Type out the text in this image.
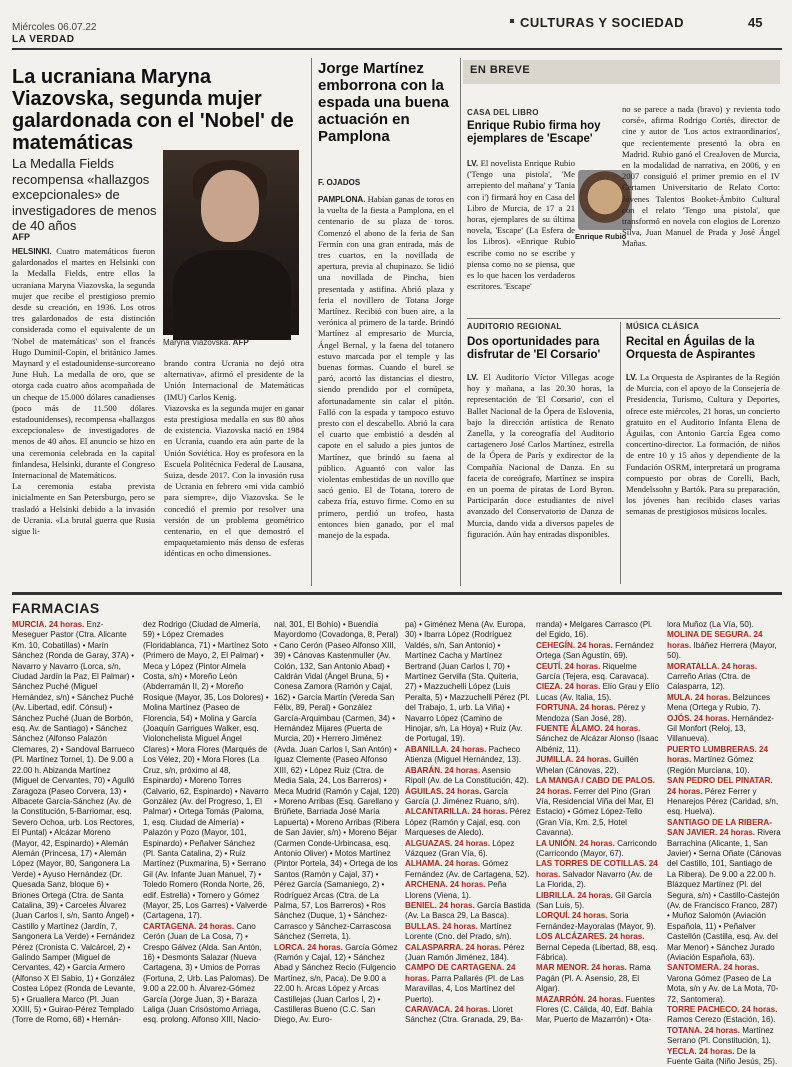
Miércoles 06.07.22
LA VERDAD
CULTURAS Y SOCIEDAD	45
La ucraniana Maryna Viazovska, segunda mujer galardonada con el 'Nobel' de matemáticas
La Medalla Fields recompensa «hallazgos excepcionales» de investigadores de menos de 40 años
AFP
Maryna Viazovska. AFP
HELSINKI. Cuatro matemáticos fueron galardonados el martes en Helsinki con la Medalla Fields, entre ellos la ucraniana Maryna Viazovska, la segunda mujer que recibe el prestigioso premio desde su creación, en 1936. Los otros tres galardonados de esta distinción considerada como el equivalente de un 'Nobel de matemáticas' son el francés Hugo Duminil-Copin, el británico James Maynard y el estadounidense-surcoreano June Huh. La medalla de oro, que se otorga cada cuatro años acompañada de un cheque de 15.000 dólares canadienses (poco más de 11.500 dólares estadounidenses), recompensa «hallazgos excepcionales» de investigadores de menos de 40 años. El anuncio se hizo en una ceremonia celebrada en la capital finlandesa, Helsinki, durante el Congreso Internacional de Matemáticos.
La ceremonia estaba prevista inicialmente en San Petersburgo, pero se trasladó a Helsinki debido a la invasión de Ucrania. «La brutal guerra que Rusia sigue li-
brando contra Ucrania no dejó otra alternativa», afirmó el presidente de la Unión Internacional de Matemáticas (IMU) Carlos Kenig.
Viazovska es la segunda mujer en ganar esta prestigiosa medalla en sus 80 años de existencia. Viazovska nació en 1984 en Ucrania, cuando era aún parte de la Unión Soviética. Hoy es profesora en la Escuela Politécnica Federal de Lausana, Suiza, desde 2017. Con la invasión rusa de Ucrania en febrero «mi vida cambió para siempre», dijo Viazovska. Se le concedió el premio por resolver una versión de un problema geométrico centenario, en el que demostró el empaquetamiento más denso de esferas idénticas en ocho dimensiones.
Jorge Martínez emborrona con la espada una buena actuación en Pamplona
F. OJADOS
PAMPLONA. Habían ganas de toros en la vuelta de la fiesta a Pamplona, en el centenario de su plaza de toros. Comenzó el abono de la feria de San Fermín con una gran entrada, más de tres cuartos, en la novillada de apertura, previa al chupinazo. Se lidió una novillada de Pincha, bien presentada y astifina. Abrió plaza y feria el novillero de Totana Jorge Martínez. Recibió con buen aire, a la verónica al primero de la tarde. Brindó Martínez al empresario de Murcia, Ángel Bernal, y la faena del totanero estuvo marcada por el temple y las buenas formas. Cuando el burel se paró, acortó las distancias el diestro, siendo prendido por el cornúpeta, afortunadamente sin calar el pitón. Falló con la espada y tampoco estuvo presto con el descabello. Abrió la cara el cuarto que embistió a desdén al capote en el saludo a pies juntos de Martínez, que brindó su faena al público. Aguantó con valor las violentas embestidas de un novillo que sacó genio. El de Totana, torero de cabeza fría, estuvo firme. Como en su primero, perdió un trofeo, hasta entonces bien ganado, por el mal manejo de la espada.
EN BREVE
CASA DEL LIBRO
Enrique Rubio firma hoy ejemplares de 'Escape'
LV. El novelista Enrique Rubio ('Tengo una pistola', 'Me arrepiento del mañana' y 'Tania con i') firmará hoy en Casa del Libro de Murcia, de 17 a 21 horas, ejemplares de su última novela, 'Escape' (La Esfera de los Libros). «Enrique Rubio escribe como no se escribe y piensa como no se piensa, que es lo que hacen los verdaderos escritores. 'Escape'
Enrique Rubio
no se parece a nada (bravo) y revienta todo corsé», afirma Rodrigo Cortés, director de cine y autor de 'Los actos extraordinarios', que recientemente presentó la obra en Madrid. Rubio ganó el CreaJoven de Murcia, en la modalidad de narrativa, en 2006, y en 2007 consiguió el primer premio en el IV Certamen Universitario de Relato Corto: Jóvenes Talentos Booket-Ámbito Cultural con el relato 'Tengo una pistola', que transformó en novela con elogios de Lorenzo Silva, Juan Manuel de Prada y José Ángel Mañas.
AUDITORIO REGIONAL
Dos oportunidades para disfrutar de 'El Corsario'
LV. El Auditorio Víctor Villegas acoge hoy y mañana, a las 20.30 horas, la representación de 'El Corsario', con el Ballet Nacional de la Ópera de Eslovenia, bajo la dirección artística de Renato Zanella, y la coreografía del Auditorio cartagenero José Carlos Martínez, estrella de la Ópera de París y exdirector de la Compañía Nacional de Danza. En su faceta de coreógrafo, Martínez se inspira en un poema de piratas de Lord Byron. Participarán doce estudiantes de nivel avanzado del Conservatorio de Danza de Murcia, dando vida a diversos papeles de figuración. Aún hay entradas disponibles.
MÚSICA CLÁSICA
Recital en Águilas de la Orquesta de Aspirantes
LV. La Orquesta de Aspirantes de la Región de Murcia, con el apoyo de la Consejería de Presidencia, Turismo, Cultura y Deportes, ofrece este miércoles, 21 horas, un concierto gratuito en el Auditorio Infanta Elena de Águilas, con Antonio García Egea como concertino-director. La formación, de niños de entre 10 y 15 años y dependiente de la Fundación OSRM, interpretará un programa compuesto por obras de Corelli, Bach, Mendelssohn y Bartók. Para su preparación, los jóvenes han recibido clases varias semanas de prestigiosos músicos locales.
FARMACIAS
MURCIA. 24 horas. Enz-Meseguer Pastor (Ctra. Alicante Km. 10, Cobatillas) • Marín Sánchez (Ronda de Garay, 37A) • Navarro y Navarro (Lorca, s/n, Ciudad Jardín la Paz, El Palmar) • Sánchez Puché (Miguel Hernández, s/n) • Sánchez Puché (Av. Libertad, edif. Cónsul) • Sánchez Puché (Juan de Borbón, esq. Av. de Santiago) • Sánchez Sánchez (Alfonso Palazón Clemares, 2) • Sandoval Barrueco (Pl. Martínez Tornel, 1). De 9.00 a 22.00 h. Abizanda Martínez (Miguel de Cervantes, 70) • Agulló Zaragoza (Paseo Corvera, 13) • Albacete García-Sánchez (Av. de la Constitución, 5-Barriomar, esq. Severo Ochoa, urb. Los Rectores, El Puntal) • Alcázar Moreno (Mayor, 42, Espinardo) • Alemán Alemán (Princesa, 17) • Alemán López (Mayor, 80, Sangonera La Verde) • Ayuso Hernández (Dr. Quesada Sanz, bloque 6) • Briones Ortega (Ctra. de Santa Catalina, 39) • Carceles Álvarez (Juan Carlos I, s/n, Santo Ángel) • Castillo y Martínez (Jardín, 7, Sangonera La Verde) • Fernández Pérez (Cronista C. Valcárcel, 2) • Galindo Samper (Miguel de Cervantes, 42) • García Armero (Alfonso X El Sabio, 1) • González Costea López (Ronda de Levante, 5) • Gruallera Marco (Pl. Juan XXIII, 5) • Guirao-Pérez Templado (Torre de Romo, 68) • Hernán-
dez Rodrigo (Ciudad de Almería, 59) • López Cremades (Floridablanca, 71) • Martínez Soto (Primero de Mayo, 2, El Palmar) • Meca y López (Pintor Almela Costa, s/n) • Moreño León (Abderramán II, 2) • Moreño Rosique (Mayor, 35, Los Dolores) • Molina Martínez (Paseo de Florencia, 54) • Molina y García (Joaquín Garrigues Walker, esq. Violonchelista Miguel Ángel Clares) • Mora Flores (Marqués de Los Vélez, 20) • Mora Flores (La Cruz, s/n, próximo al 48, Espinardo) • Moreno Torres (Calvario, 62, Espinardo) • Navarro González (Av. del Progreso, 1, El Palmar) • Ortega Tomás (Paloma, 1, esq. Ciudad de Almería) • Palazón y Pozo (Mayor, 101, Espinardo) • Peñalver Sánchez (Pl. Santa Catalina, 2) • Ruiz Martínez (Puxmarina, 5) • Serrano Gil (Av. Infante Juan Manuel, 7) • Toledo Romero (Ronda Norte, 26, edif. Estrella) • Tornero y Gómez (Mayor, 25, Los Garres) • Valverde (Cartagena, 17).
CARTAGENA. 24 horas. Cano Cerón (Juan de La Cosa, 7) • Crespo Gálvez (Alda. San Antón, 16) • Desmonts Salazar (Nueva Cartagena, 3) • Umios de Porras (Fortuna, 2, Urb. Las Palomas). De 9.00 a 22.00 h. Álvarez-Gómez García (Jorge Juan, 3) • Baraza Laliga (Juan Crisóstomo Arriaga, esq. prolong. Alfonso XIII, Nacio-
nal, 301, El Bohío) • Buendía Mayordomo (Covadonga, 8, Peral) • Cano Cerón (Paseo Alfonso XIII, 39) • Cánovas Kastenmuller (Av. Colón, 132, San Antonio Abad) • Caldrán Vidal (Ángel Bruna, 5) • Conesa Zamora (Ramón y Cajal, 162) • García Martín (Vereda San Félix, 89, Peral) • González García-Arquimbau (Carmen, 34) • Hernández Mijares (Puerta de Murcia, 20) • Herrero Jiménez (Avda. Juan Carlos I, San Antón) • Iguaz Clemente (Paseo Alfonso XIII, 62) • López Ruiz (Ctra. de Media Sala, 24, Los Barreros) • Meca Mudrid (Ramón y Cajal, 120) • Moreno Arribas (Esq. Garellano y Brúñete, Barriada José María Lapuerta) • Moreno Arribas (Ribera de San Javier, s/n) • Moreno Béjar (Carmen Conde-Urbincasa, esq. Antonio Oliver) • Motos Martínez (Pintor Portela, 34) • Ortega de los Santos (Ramón y Cajal, 37) • Pérez García (Samaniego, 2) • Rodríguez Arcas (Ctra. de La Palma, 57, Los Barreros) • Ros Sánchez (Duque, 1) • Sánchez-Carrasco y Sánchez-Carrascosa Sánchez (Serreta, 1).
LORCA. 24 horas. García Gómez (Ramón y Cajal, 12) • Sánchez Abad y Sánchez Recio (Fulgencio Martínez, s/n, Paca). De 9.00 a 22.00 h. Arcas López y Arcas Castillejas (Juan Carlos I, 2) • Castilleras Bueno (C.C. San Diego, Av. Euro-
pa) • Giménez Mena (Av. Europa, 30) • Ibarra López (Rodríguez Valdés, s/n, San Antonio) • Martínez Cacha y Martínez Bertrand (Juan Carlos I, 70) • Martínez Gervilla (Sta. Quiteria, 27) • Mazzuchelli López (Luis Peralta, 5) • Mazzuchelli Pérez (Pl. del Trabajo, 1, urb. La Viña) • Navarro López (Camino de Hinojar, s/n, La Hoya) • Ruiz (Av. de Portugal, 19).
ABANILLA. 24 horas. Pacheco Atienza (Miguel Hernández, 13).
ABARÁN. 24 horas. Asensio Ripoll (Av. de La Constitución, 42).
ÁGUILAS. 24 horas. García García (J. Jiménez Ruano, s/n).
ALCANTARILLA. 24 horas. Pérez López (Ramón y Cajal, esq. con Marqueses de Aledo).
ALGUAZAS. 24 horas. López Vázquez (Gran Vía, 6).
ALHAMA. 24 horas. Gómez Fernández (Av. de Cartagena, 52).
ARCHENA. 24 horas. Peña Llorens (Viena, 1).
BENIEL. 24 horas. García Bastida (Av. La Basca 29, La Basca).
BULLAS. 24 horas. Martínez Lorente (Cno. del Prado, s/n).
CALASPARRA. 24 horas. Pérez (Juan Ramón Jiménez, 184).
CAMPO DE CARTAGENA. 24 horas. Parra Pallarés (Pl. de Las Maravillas, 4, Los Martínez del Puerto).
CARAVACA. 24 horas. Lloret Sánchez (Ctra. Granada, 29, Ba-
rranda) • Melgares Carrasco (Pl. del Egido, 16).
CEHEGÍN. 24 horas. Fernández Ortega (San Agustín, 69).
CEUTÍ. 24 horas. Riquelme García (Tejera, esq. Caravaca).
CIEZA. 24 horas. Elío Grau y Elío Lucas (Av. Italia, 15).
FORTUNA. 24 horas. Pérez y Mendoza (San José, 28).
FUENTE ÁLAMO. 24 horas. Sánchez de Alcázar Alonso (Isaac Albéniz, 11).
JUMILLA. 24 horas. Guillén Whelan (Cánovas, 22).
LA MANGA / CABO DE PALOS. 24 horas. Ferrer del Pino (Gran Vía, Residencial Viña del Mar, El Estacio) • Gómez López-Tello (Gran Vía, Km. 2,5, Hotel Cavanna).
LA UNIÓN. 24 horas. Carricondo (Carricondo (Mayor, 67).
LAS TORRES DE COTILLAS. 24 horas. Salvador Navarro (Av. de La Florida, 2).
LIBRILLA. 24 horas. Gil García (San Luis, 5).
LORQUÍ. 24 horas. Soria Fernández-Mayoralas (Mayor, 9).
LOS ALCÁZARES. 24 horas. Bernal Cepeda (Libertad, 88, esq. Fábrica).
MAR MENOR. 24 horas. Rama Pagán (Pl. A. Asensio, 28, El Algar).
MAZARRÓN. 24 horas. Fuentes Flores (C. Cálida, 40, Edf. Bahía Mar, Puerto de Mazarrón) • Ota-
lora Muñoz (La Vía, 50).
MOLINA DE SEGURA. 24 horas. Ibáñez Herrera (Mayor, 50).
MORATALLA. 24 horas. Carreño Arias (Ctra. de Calasparra, 12).
MULA. 24 horas. Belzunces Mena (Ortega y Rubio, 7).
OJÓS. 24 horas. Hernández-Gil Monfort (Reloj, 13, Villanueva).
PUERTO LUMBRERAS. 24 horas. Martínez Gómez (Región Murciana, 10).
SAN PEDRO DEL PINATAR. 24 horas. Pérez Ferrer y Henarejos Pérez (Caridad, s/n, esq. Huelva).
SANTIAGO DE LA RIBERA-SAN JAVIER. 24 horas. Rivera Barrachina (Alicante, 1, San Javier) • Serna Oñate (Cánovas del Castillo, 101, Santiago de La Ribera). De 9.00 a 22.00 h. Blázquez Martínez (Pl. del Segura, s/n) • Castillo-Castejón (Av. de Francisco Franco, 287) • Muñoz Salomón (Aviación Española, 11) • Peñalver Castellón (Castilla, esq. Av. del Mar Menor) • Sánchez Jurado (Aviación Española, 63).
SANTOMERA. 24 horas. Varona Gómez (Paseo de La Mota, s/n y Av. de La Mota, 70-72, Santomera).
TORRE PACHECO. 24 horas. Ramos Cerezo (Estación, 16).
TOTANA. 24 horas. Martínez Serrano (Pl. Constitución, 1).
YECLA. 24 horas. De la Fuente Gaita (Niño Jesús, 25).
